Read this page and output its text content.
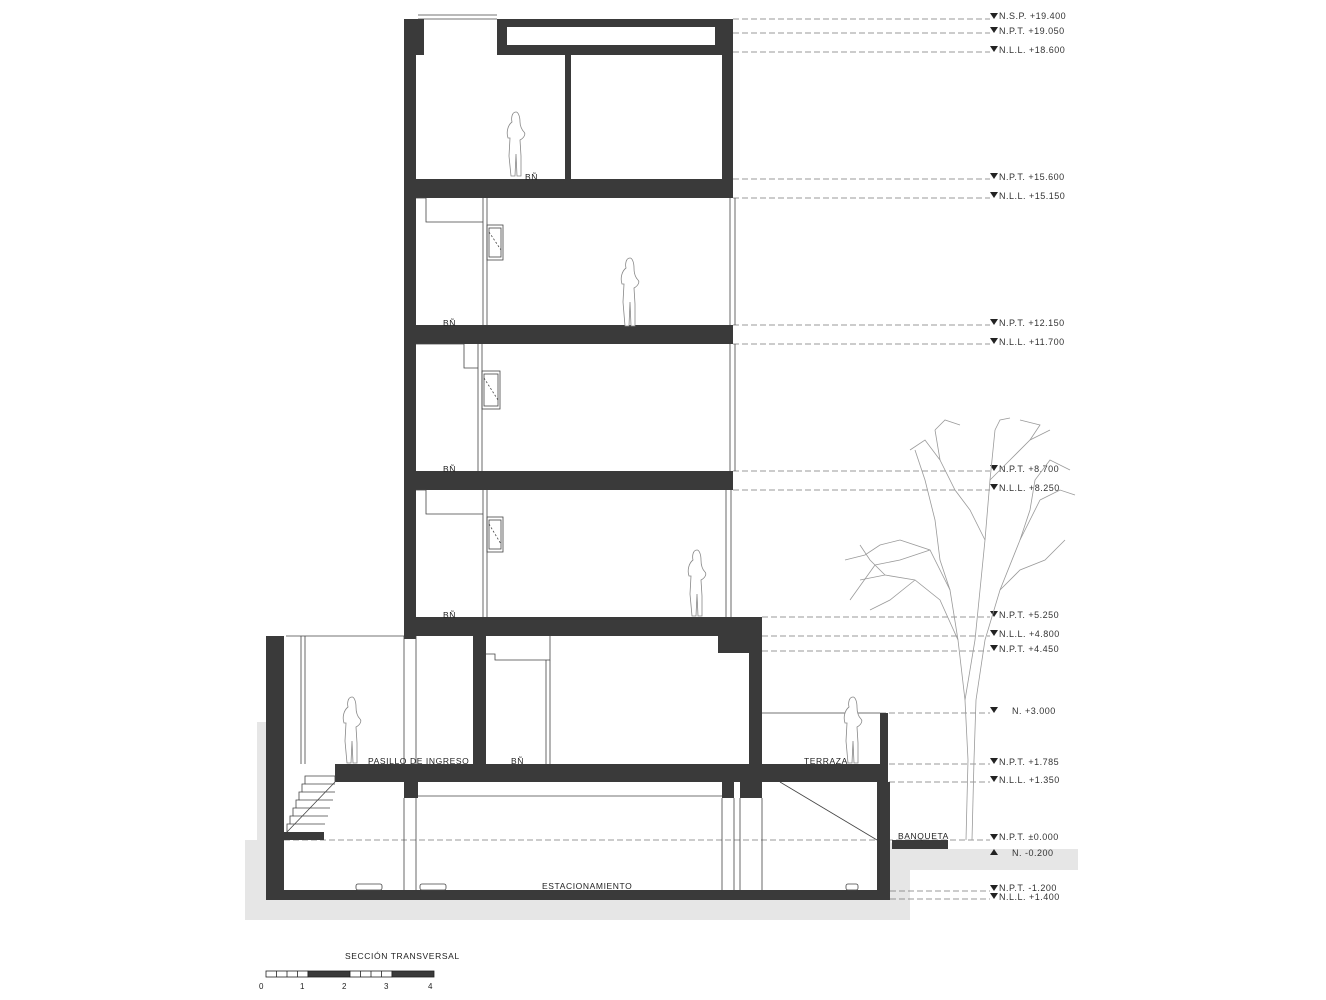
N.S.P. +19.400
N.P.T. +19.050
N.L.L. +18.600
N.P.T. +15.600
N.L.L. +15.150
N.P.T. +12.150
N.L.L. +11.700
N.P.T. +8.700
N.L.L. +8.250
N.P.T. +5.250
N.L.L. +4.800
N.P.T. +4.450
N. +3.000
N.P.T. +1.785
N.L.L. +1.350
N.P.T. ±0.000
N. -0.200
N.P.T. -1.200
N.L.L. +1.400
BÑ
BÑ
BÑ
BÑ
BÑ
PASILLO DE INGRESO	TERRAZA
BANQUETA
ESTACIONAMIENTO
SECCIÓN TRANSVERSAL
0	1	2	3	4
